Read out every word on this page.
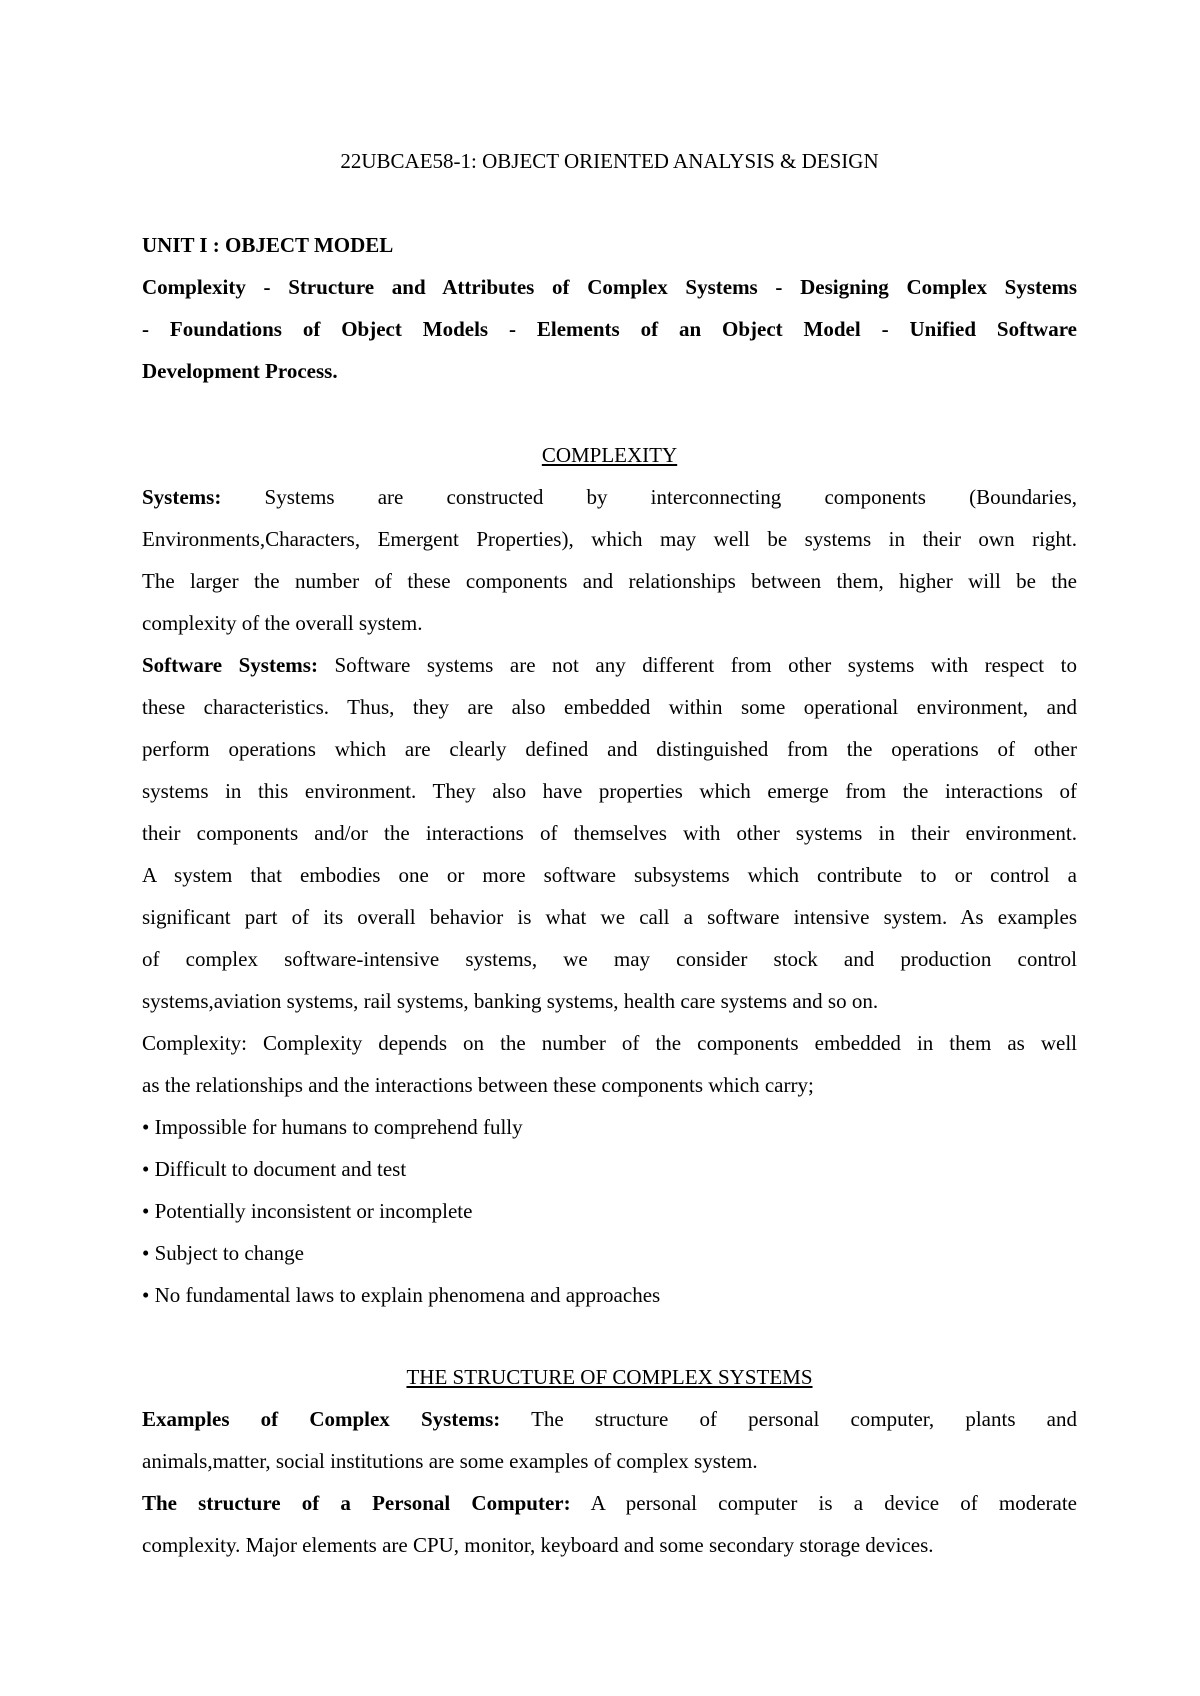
22UBCAE58-1: OBJECT ORIENTED ANALYSIS & DESIGN

UNIT I : OBJECT MODEL

Complexity - Structure and Attributes of Complex Systems - Designing Complex Systems

- Foundations of Object Models - Elements of an Object Model - Unified Software

Development Process.

COMPLEXITY

Systems: Systems are constructed by interconnecting components (Boundaries,

Environments,Characters, Emergent Properties), which may well be systems in their own right.

The larger the number of these components and relationships between them, higher will be the

complexity of the overall system.

Software Systems: Software systems are not any different from other systems with respect to

these characteristics. Thus, they are also embedded within some operational environment, and

perform operations which are clearly defined and distinguished from the operations of other

systems in this environment. They also have properties which emerge from the interactions of

their components and/or the interactions of themselves with other systems in their environment.

A system that embodies one or more software subsystems which contribute to or control a

significant part of its overall behavior is what we call a software intensive system. As examples

of complex software-intensive systems, we may consider stock and production control

systems,aviation systems, rail systems, banking systems, health care systems and so on.

Complexity: Complexity depends on the number of the components embedded in them as well

as the relationships and the interactions between these components which carry;

• Impossible for humans to comprehend fully

• Difficult to document and test

• Potentially inconsistent or incomplete

• Subject to change

• No fundamental laws to explain phenomena and approaches

THE STRUCTURE OF COMPLEX SYSTEMS

Examples of Complex Systems: The structure of personal computer, plants and

animals,matter, social institutions are some examples of complex system.

The structure of a Personal Computer: A personal computer is a device of moderate

complexity. Major elements are CPU, monitor, keyboard and some secondary storage devices.
